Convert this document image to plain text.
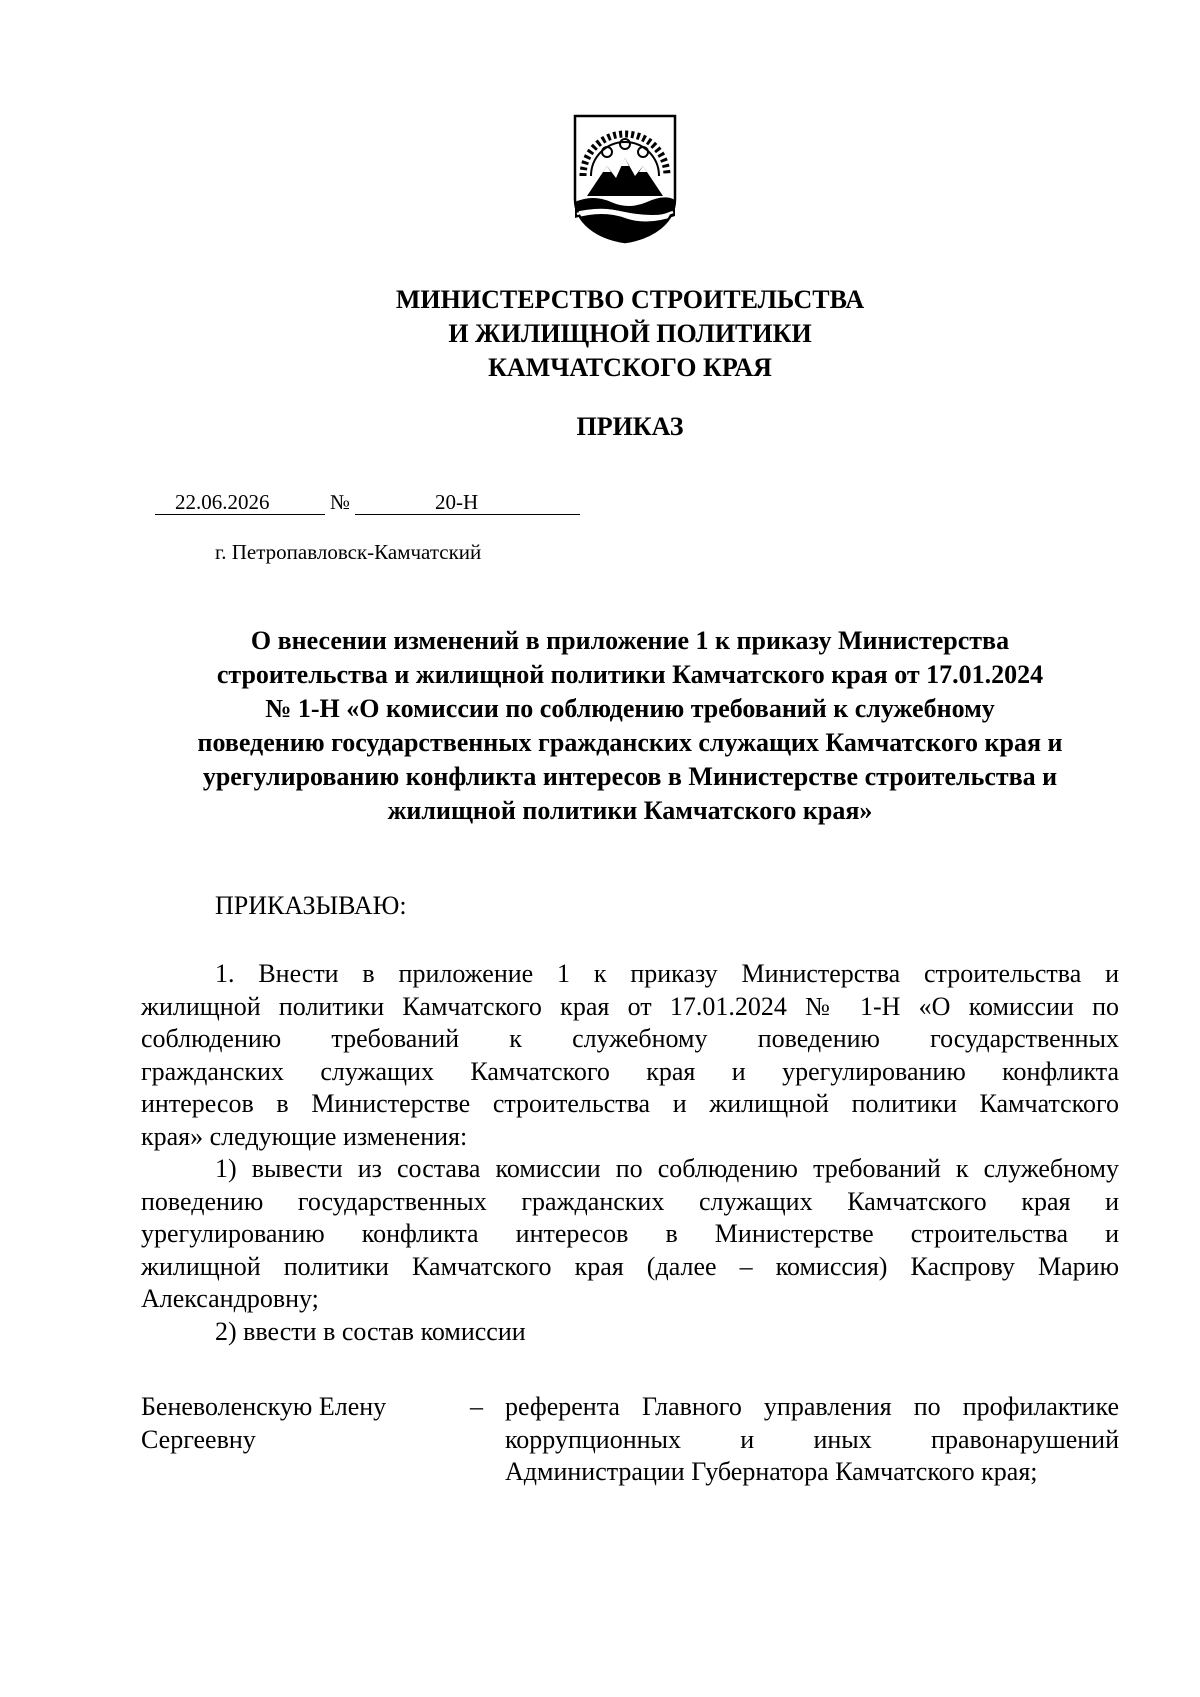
МИНИСТЕРСТВО СТРОИТЕЛЬСТВА
И ЖИЛИЩНОЙ ПОЛИТИКИ
КАМЧАТСКОГО КРАЯ
ПРИКАЗ
22.06.2026	№	20-Н
г. Петропавловск-Камчатский
О внесении изменений в приложение 1 к приказу Министерства
строительства и жилищной политики Камчатского края от 17.01.2024
№ 1-Н «О комиссии по соблюдению требований к служебному
поведению государственных гражданских служащих Камчатского края и
урегулированию конфликта интересов в Министерстве строительства и
жилищной политики Камчатского края»
ПРИКАЗЫВАЮ:
1. Внести в приложение 1 к приказу Министерства строительства и
жилищной политики Камчатского края от 17.01.2024 № 1-Н «О комиссии по
соблюдению требований к служебному поведению государственных
гражданских служащих Камчатского края и урегулированию конфликта
интересов в Министерстве строительства и жилищной политики Камчатского
края» следующие изменения:
1) вывести из состава комиссии по соблюдению требований к служебному
поведению государственных гражданских служащих Камчатского края и
урегулированию конфликта интересов в Министерстве строительства и
жилищной политики Камчатского края (далее – комиссия) Каспрову Марию
Александровну;
2) ввести в состав комиссии
Беневоленскую Елену
Сергеевну
– референта Главного управления по профилактике
коррупционных и иных правонарушений
Администрации Губернатора Камчатского края;
